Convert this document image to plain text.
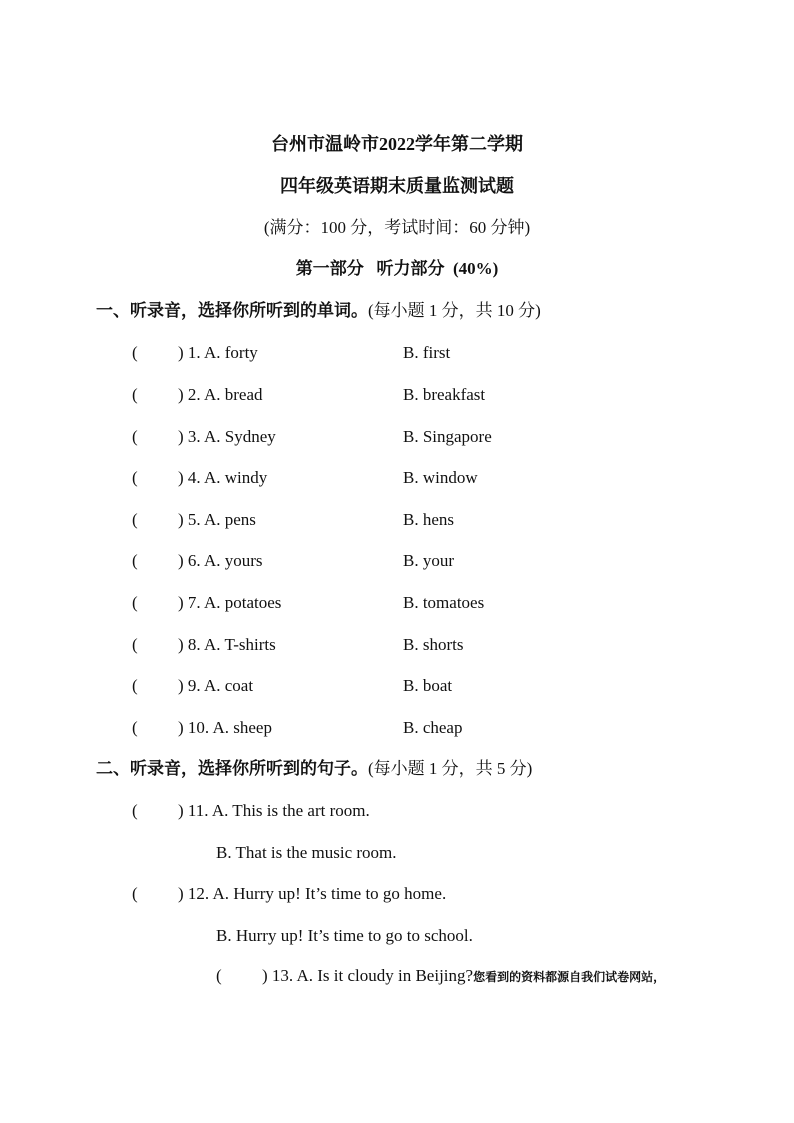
台州市温岭市2022学年第二学期
四年级英语期末质量监测试题
(满分：100 分，考试时间：60 分钟)
第一部分   听力部分  (40%)
一、听录音，选择你所听到的单词。(每小题 1 分，共 10 分)
( ) 1. A. forty	B. first
( ) 2. A. bread	B. breakfast
( ) 3. A. Sydney	B. Singapore
( ) 4. A. windy	B. window
( ) 5. A. pens	B. hens
( ) 6. A. yours	B. your
( ) 7. A. potatoes	B. tomatoes
( ) 8. A. T-shirts	B. shorts
( ) 9. A. coat	B. boat
( ) 10. A. sheep	B. cheap
二、听录音，选择你所听到的句子。(每小题 1 分，共 5 分)
( ) 11. A. This is the art room.
B. That is the music room.
( ) 12. A. Hurry up! It’s time to go home.
B. Hurry up! It’s time to go to school.
( ) 13. A. Is it cloudy in Beijing?您看到的资料都源自我们试卷网站，
